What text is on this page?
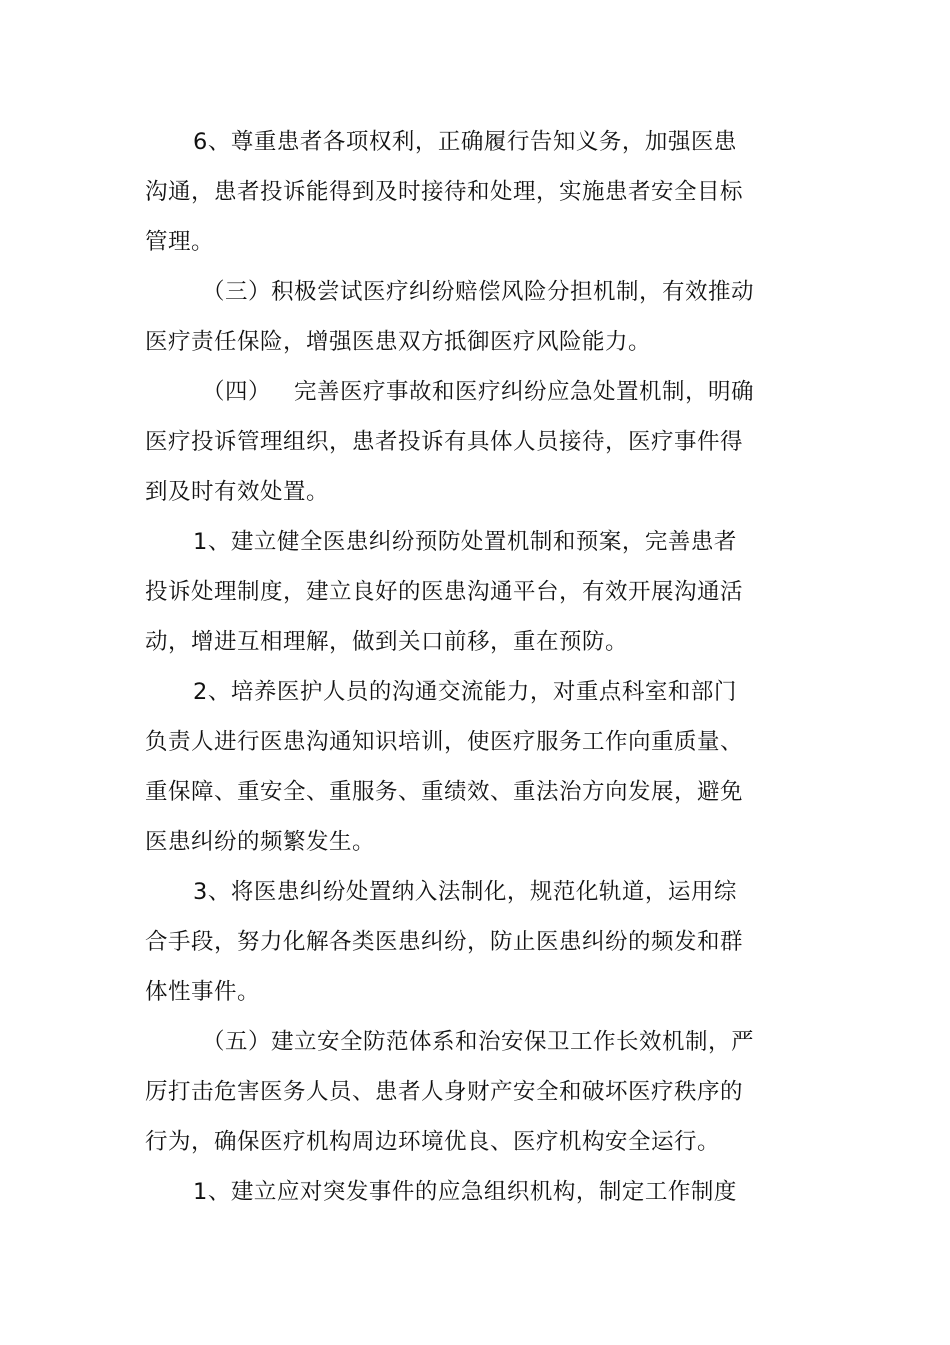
6、尊重患者各项权利，正确履行告知义务，加强医患
沟通，患者投诉能得到及时接待和处理，实施患者安全目标
管理。
（三）积极尝试医疗纠纷赔偿风险分担机制，有效推动
医疗责任保险，增强医患双方抵御医疗风险能力。
（四）   完善医疗事故和医疗纠纷应急处置机制，明确
医疗投诉管理组织，患者投诉有具体人员接待，医疗事件得
到及时有效处置。
1、建立健全医患纠纷预防处置机制和预案，完善患者
投诉处理制度，建立良好的医患沟通平台，有效开展沟通活
动，增进互相理解，做到关口前移，重在预防。
2、培养医护人员的沟通交流能力，对重点科室和部门
负责人进行医患沟通知识培训，使医疗服务工作向重质量、
重保障、重安全、重服务、重绩效、重法治方向发展，避免
医患纠纷的频繁发生。
3、将医患纠纷处置纳入法制化，规范化轨道，运用综
合手段，努力化解各类医患纠纷，防止医患纠纷的频发和群
体性事件。
（五）建立安全防范体系和治安保卫工作长效机制，严
厉打击危害医务人员、患者人身财产安全和破坏医疗秩序的
行为，确保医疗机构周边环境优良、医疗机构安全运行。
1、建立应对突发事件的应急组织机构，制定工作制度
